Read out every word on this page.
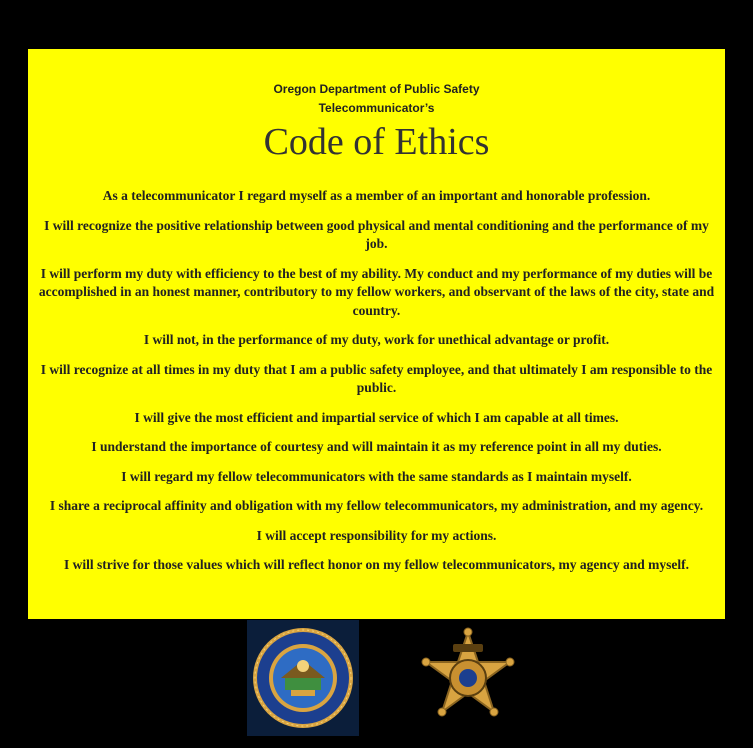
Oregon Department of Public Safety
Telecommunicator’s
Code of Ethics
As a telecommunicator I regard myself as a member of an important and honorable profession.
I will recognize the positive relationship between good physical and mental conditioning and the performance of my job.
I will perform my duty with efficiency to the best of my ability. My conduct and my performance of my duties will be accomplished in an honest manner, contributory to my fellow workers, and observant of the laws of the city, state and country.
I will not, in the performance of my duty, work for unethical advantage or profit.
I will recognize at all times in my duty that I am a public safety employee, and that ultimately I am responsible to the public.
I will give the most efficient and impartial service of which I am capable at all times.
I understand the importance of courtesy and will maintain it as my reference point in all my duties.
I will regard my fellow telecommunicators with the same standards as I maintain myself.
I share a reciprocal affinity and obligation with my fellow telecommunicators, my administration, and my agency.
I will accept responsibility for my actions.
I will strive for those values which will reflect honor on my fellow telecommunicators, my agency and myself.
